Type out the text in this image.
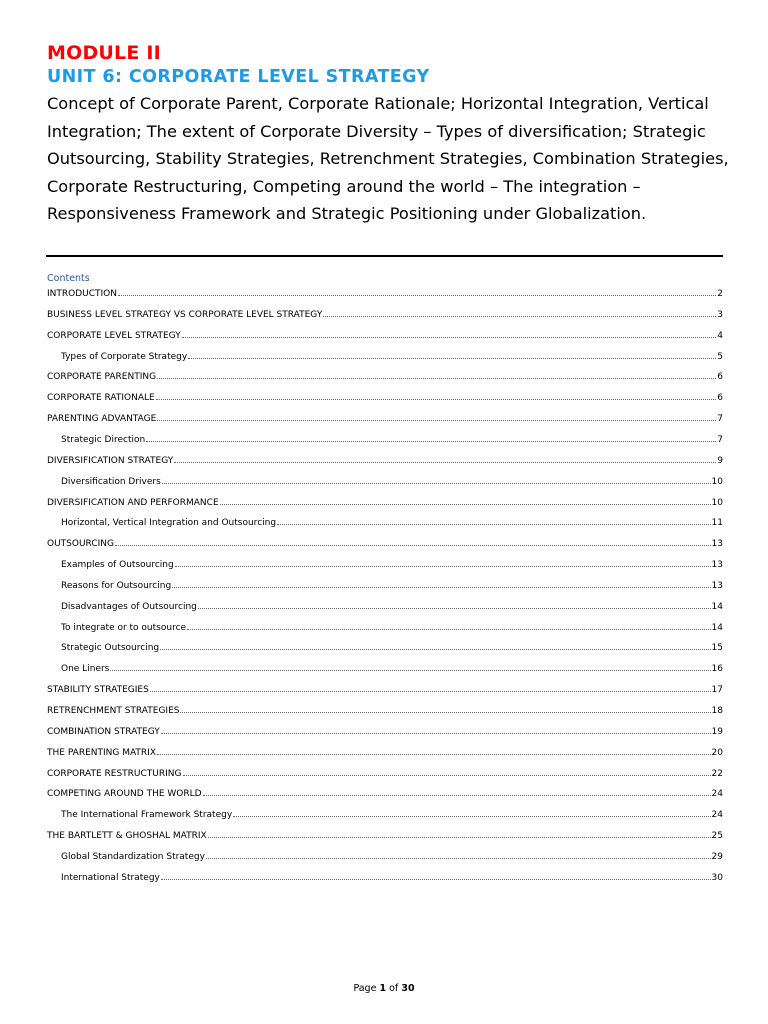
MODULE II
UNIT 6: CORPORATE LEVEL STRATEGY
Concept of Corporate Parent, Corporate Rationale; Horizontal Integration, Vertical Integration; The extent of Corporate Diversity – Types of diversification; Strategic Outsourcing, Stability Strategies, Retrenchment Strategies, Combination Strategies, Corporate Restructuring, Competing around the world – The integration – Responsiveness Framework and Strategic Positioning under Globalization.
Contents
INTRODUCTION	2
BUSINESS LEVEL STRATEGY VS CORPORATE LEVEL STRATEGY	3
CORPORATE LEVEL STRATEGY	4
Types of Corporate Strategy	5
CORPORATE PARENTING	6
CORPORATE RATIONALE	6
PARENTING ADVANTAGE	7
Strategic Direction	7
DIVERSIFICATION STRATEGY	9
Diversification Drivers	10
DIVERSIFICATION AND PERFORMANCE	10
Horizontal, Vertical Integration and Outsourcing	11
OUTSOURCING	13
Examples of Outsourcing	13
Reasons for Outsourcing	13
Disadvantages of Outsourcing	14
To integrate or to outsource	14
Strategic Outsourcing	15
One Liners	16
STABILITY STRATEGIES	17
RETRENCHMENT STRATEGIES	18
COMBINATION STRATEGY	19
THE PARENTING MATRIX	20
CORPORATE RESTRUCTURING	22
COMPETING AROUND THE WORLD	24
The International Framework Strategy	24
THE BARTLETT & GHOSHAL MATRIX	25
Global Standardization Strategy	29
International Strategy	30
Page 1 of 30
